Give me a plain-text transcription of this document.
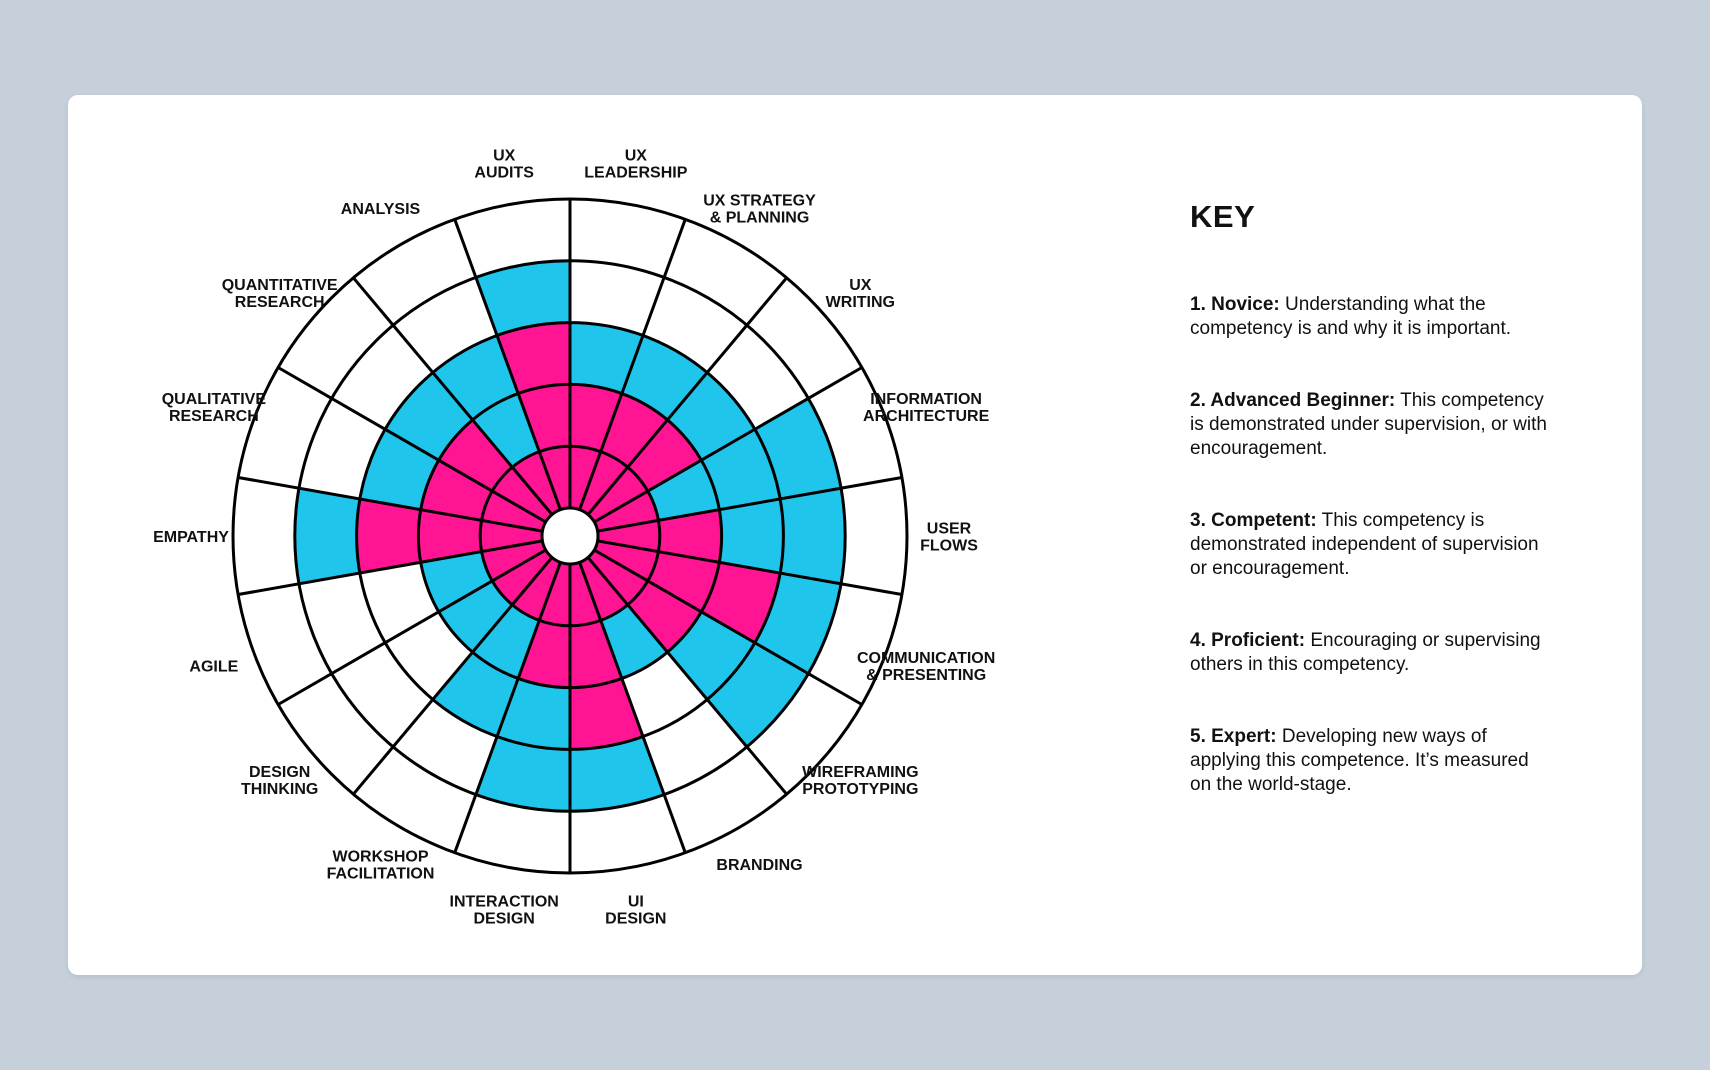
UX LEADERSHIP
UX STRATEGY & PLANNING
UX WRITING
INFORMATION ARCHITECTURE
USER FLOWS
COMMUNICATION & PRESENTING
WIREFRAMING PROTOTYPING
BRANDING
UI DESIGN
INTERACTION DESIGN
WORKSHOP FACILITATION
DESIGN THINKING
AGILE
EMPATHY
QUALITATIVE RESEARCH
QUANTITATIVE RESEARCH
ANALYSIS
UX AUDITS
KEY

1. Novice: Understanding what the competency is and why it is important.

2. Advanced Beginner: This competency is demonstrated under supervision, or with encouragement.

3. Competent: This competency is demonstrated independent of supervision or encouragement.

4. Proficient: Encouraging or supervising others in this competency.

5. Expert: Developing new ways of applying this competence. It’s measured on the world-stage.
